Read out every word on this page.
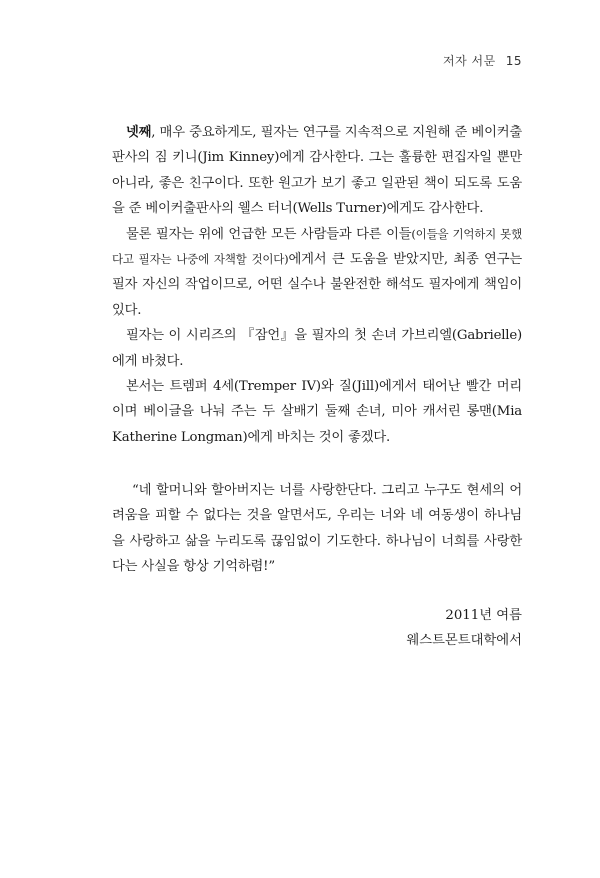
저자 서문 15

넷째, 매우 중요하게도, 필자는 연구를 지속적으로 지원해 준 베이커출판사의 짐 키니(Jim Kinney)에게 감사한다. 그는 훌륭한 편집자일 뿐만 아니라, 좋은 친구이다. 또한 원고가 보기 좋고 일관된 책이 되도록 도움을 준 베이커출판사의 웰스 터너(Wells Turner)에게도 감사한다.

물론 필자는 위에 언급한 모든 사람들과 다른 이들(이들을 기억하지 못했다고 필자는 나중에 자책할 것이다)에게서 큰 도움을 받았지만, 최종 연구는 필자 자신의 작업이므로, 어떤 실수나 불완전한 해석도 필자에게 책임이 있다.

필자는 이 시리즈의 『잠언』을 필자의 첫 손녀 가브리엘(Gabrielle)에게 바쳤다.

본서는 트렘퍼 4세(Tremper IV)와 질(Jill)에게서 태어난 빨간 머리이며 베이글을 나눠 주는 두 살배기 둘째 손녀, 미아 캐서린 롱맨(Mia Katherine Longman)에게 바치는 것이 좋겠다.

“네 할머니와 할아버지는 너를 사랑한단다. 그리고 누구도 현세의 어려움을 피할 수 없다는 것을 알면서도, 우리는 너와 네 여동생이 하나님을 사랑하고 삶을 누리도록 끊임없이 기도한다. 하나님이 너희를 사랑한다는 사실을 항상 기억하렴!”

2011년 여름
웨스트몬트대학에서
